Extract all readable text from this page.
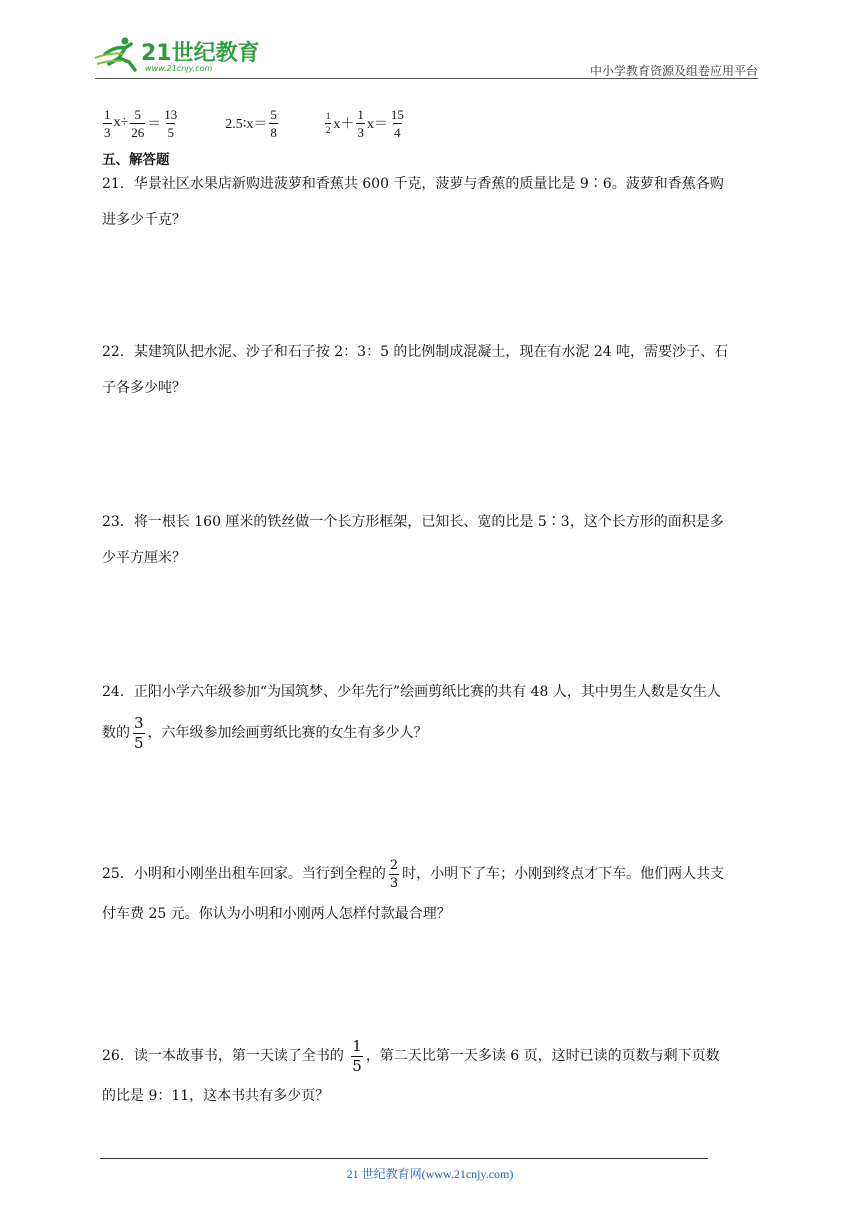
21世纪教育
www.21cnjy.com	中小学教育资源及组卷应用平台
$\frac{1}{3} x\div \frac{5}{26} = \frac{13}{5}$	2.5∶x＝ $\frac{5}{8}$	$\frac{1}{2} x+ \frac{1}{3} x= \frac{15}{4}$
五、解答题
21．华景社区水果店新购进菠萝和香蕉共 600 千克，菠萝与香蕉的质量比是 9∶6。菠萝和香蕉各购
进多少千克？
22．某建筑队把水泥、沙子和石子按 2：3：5 的比例制成混凝土，现在有水泥 24 吨，需要沙子、石
子各多少吨？
23．将一根长 160 厘米的铁丝做一个长方形框架，已知长、宽的比是 5∶3，这个长方形的面积是多
少平方厘米？
24．正阳小学六年级参加“为国筑梦、少年先行”绘画剪纸比赛的共有 48 人，其中男生人数是女生人
数的 $\frac{3}{5}$ ，六年级参加绘画剪纸比赛的女生有多少人？
25．小明和小刚坐出租车回家。当行到全程的 $\frac{2}{3}$ 时，小明下了车；小刚到终点才下车。他们两人共支
付车费 25 元。你认为小明和小刚两人怎样付款最合理？
26．读一本故事书，第一天读了全书的 $\frac{1}{5}$ ，第二天比第一天多读 6 页，这时已读的页数与剩下页数
的比是 9：11，这本书共有多少页？
21 世纪教育网(www.21cnjy.com)
